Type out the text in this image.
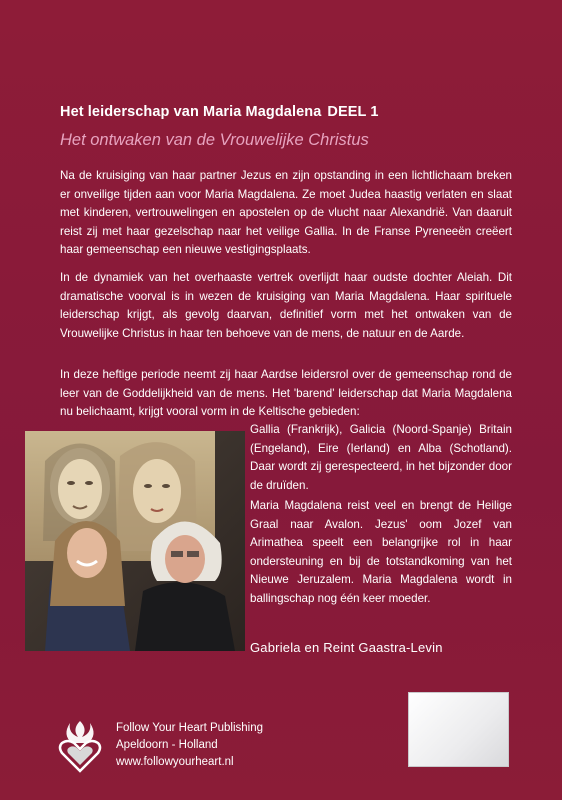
Het leiderschap van Maria Magdalena DEEL 1
Het ontwaken van de Vrouwelijke Christus

Na de kruisiging van haar partner Jezus en zijn opstanding in een lichtlichaam breken er onveilige tijden aan voor Maria Magdalena. Ze moet Judea haastig verlaten en slaat met kinderen, vertrouwelingen en apostelen op de vlucht naar Alexandrië. Van daaruit reist zij met haar gezelschap naar het veilige Gallia. In de Franse Pyreneeën creëert haar gemeenschap een nieuwe vestigingsplaats.

In de dynamiek van het overhaaste vertrek overlijdt haar oudste dochter Aleiah. Dit dramatische voorval is in wezen de kruisiging van Maria Magdalena. Haar spirituele leiderschap krijgt, als gevolg daarvan, definitief vorm met het ontwaken van de Vrouwelijke Christus in haar ten behoeve van de mens, de natuur en de Aarde.

In deze heftige periode neemt zij haar Aardse leidersrol over de gemeenschap rond de leer van de Goddelijkheid van de mens. Het 'barend' leiderschap dat Maria Magdalena nu belichaamt, krijgt vooral vorm in de Keltische gebieden:

Gallia (Frankrijk), Galicia (Noord-Spanje) Britain (Engeland), Eire (Ierland) en Alba (Schotland). Daar wordt zij gerespecteerd, in het bijzonder door de druïden.

Maria Magdalena reist veel en brengt de Heilige Graal naar Avalon. Jezus' oom Jozef van Arimathea speelt een belangrijke rol in haar ondersteuning en bij de totstandkoming van het Nieuwe Jeruzalem. Maria Magdalena wordt in ballingschap nog één keer moeder.

Gabriela en Reint Gaastra-Levin
Follow Your Heart Publishing
Apeldoorn - Holland
www.followyourheart.nl
